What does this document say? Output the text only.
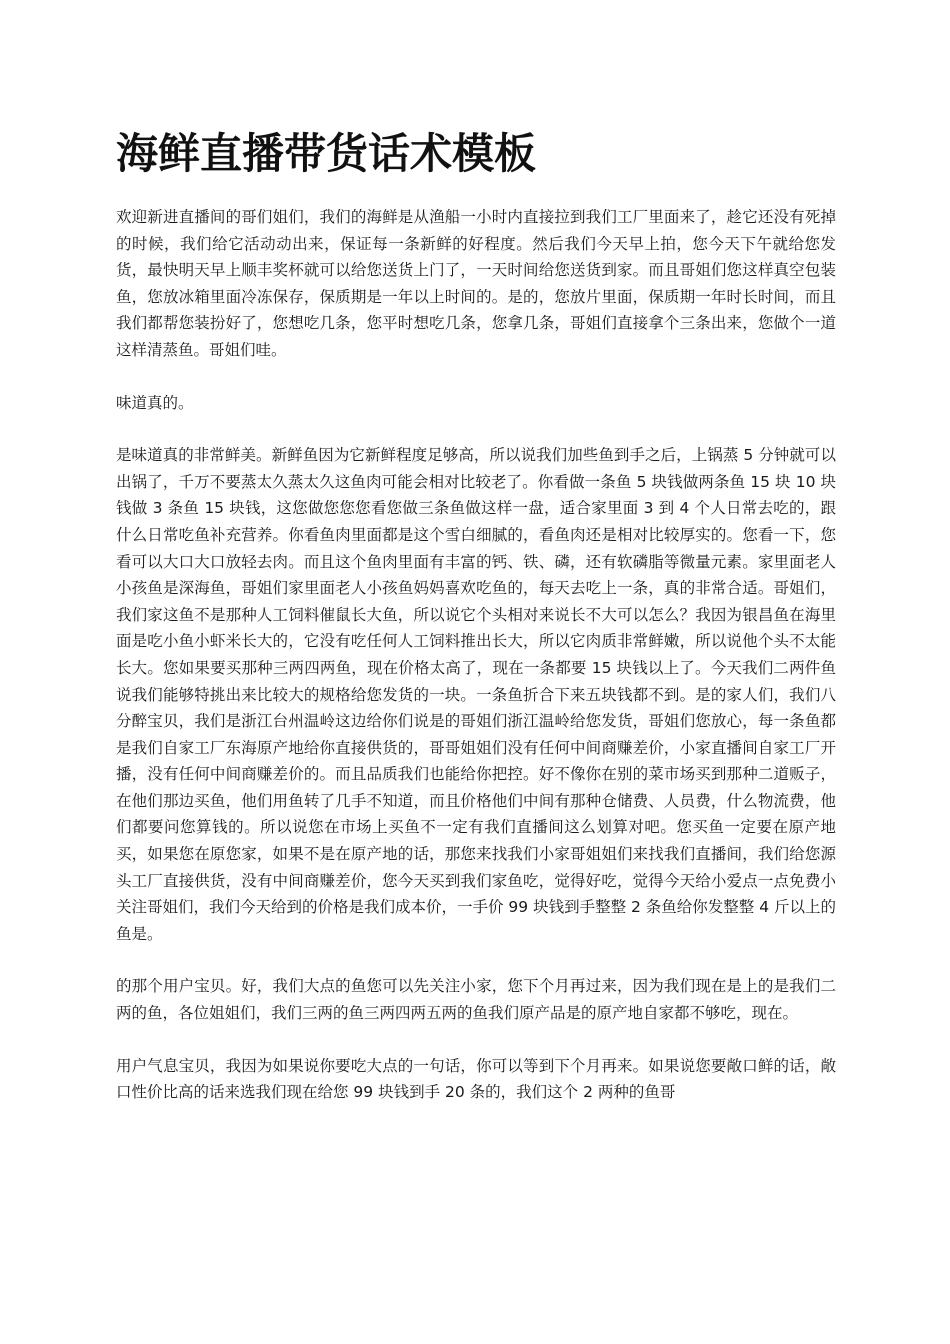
海鲜直播带货话术模板

欢迎新进直播间的哥们姐们，我们的海鲜是从渔船一小时内直接拉到我们工厂里面来了，趁它还没有死掉的时候，我们给它活动动出来，保证每一条新鲜的好程度。然后我们今天早上拍，您今天下午就给您发货，最快明天早上顺丰奖杯就可以给您送货上门了，一天时间给您送货到家。而且哥姐们您这样真空包装鱼，您放冰箱里面冷冻保存，保质期是一年以上时间的。是的，您放片里面，保质期一年时长时间，而且我们都帮您装扮好了，您想吃几条，您平时想吃几条，您拿几条，哥姐们直接拿个三条出来，您做个一道这样清蒸鱼。哥姐们哇。

味道真的。

是味道真的非常鲜美。新鲜鱼因为它新鲜程度足够高，所以说我们加些鱼到手之后，上锅蒸 5 分钟就可以出锅了，千万不要蒸太久蒸太久这鱼肉可能会相对比较老了。你看做一条鱼 5 块钱做两条鱼 15 块 10 块钱做 3 条鱼 15 块钱，这您做您您您看您做三条鱼做这样一盘，适合家里面 3 到 4 个人日常去吃的，跟什么日常吃鱼补充营养。你看鱼肉里面都是这个雪白细腻的，看鱼肉还是相对比较厚实的。您看一下，您看可以大口大口放轻去肉。而且这个鱼肉里面有丰富的钙、铁、磷，还有软磷脂等微量元素。家里面老人小孩鱼是深海鱼，哥姐们家里面老人小孩鱼妈妈喜欢吃鱼的，每天去吃上一条，真的非常合适。哥姐们，我们家这鱼不是那种人工饲料催鼠长大鱼，所以说它个头相对来说长不大可以怎么？我因为银昌鱼在海里面是吃小鱼小虾米长大的，它没有吃任何人工饲料推出长大，所以它肉质非常鲜嫩，所以说他个头不太能长大。您如果要买那种三两四两鱼，现在价格太高了，现在一条都要 15 块钱以上了。今天我们二两件鱼说我们能够特挑出来比较大的规格给您发货的一块。一条鱼折合下来五块钱都不到。是的家人们，我们八分醉宝贝，我们是浙江台州温岭这边给你们说是的哥姐们浙江温岭给您发货，哥姐们您放心，每一条鱼都是我们自家工厂东海原产地给你直接供货的，哥哥姐姐们没有任何中间商赚差价，小家直播间自家工厂开播，没有任何中间商赚差价的。而且品质我们也能给你把控。好不像你在别的菜市场买到那种二道贩子，在他们那边买鱼，他们用鱼转了几手不知道，而且价格他们中间有那种仓储费、人员费，什么物流费，他们都要问您算钱的。所以说您在市场上买鱼不一定有我们直播间这么划算对吧。您买鱼一定要在原产地买，如果您在原您家，如果不是在原产地的话，那您来找我们小家哥姐姐们来找我们直播间，我们给您源头工厂直接供货，没有中间商赚差价，您今天买到我们家鱼吃，觉得好吃，觉得今天给小爱点一点免费小关注哥姐们，我们今天给到的价格是我们成本价，一手价 99 块钱到手整整 2 条鱼给你发整整 4 斤以上的鱼是。

的那个用户宝贝。好，我们大点的鱼您可以先关注小家，您下个月再过来，因为我们现在是上的是我们二两的鱼，各位姐姐们，我们三两的鱼三两四两五两的鱼我们原产品是的原产地自家都不够吃，现在。

用户气息宝贝，我因为如果说你要吃大点的一句话，你可以等到下个月再来。如果说您要敞口鲜的话，敞口性价比高的话来选我们现在给您 99 块钱到手 20 条的，我们这个 2 两种的鱼哥
